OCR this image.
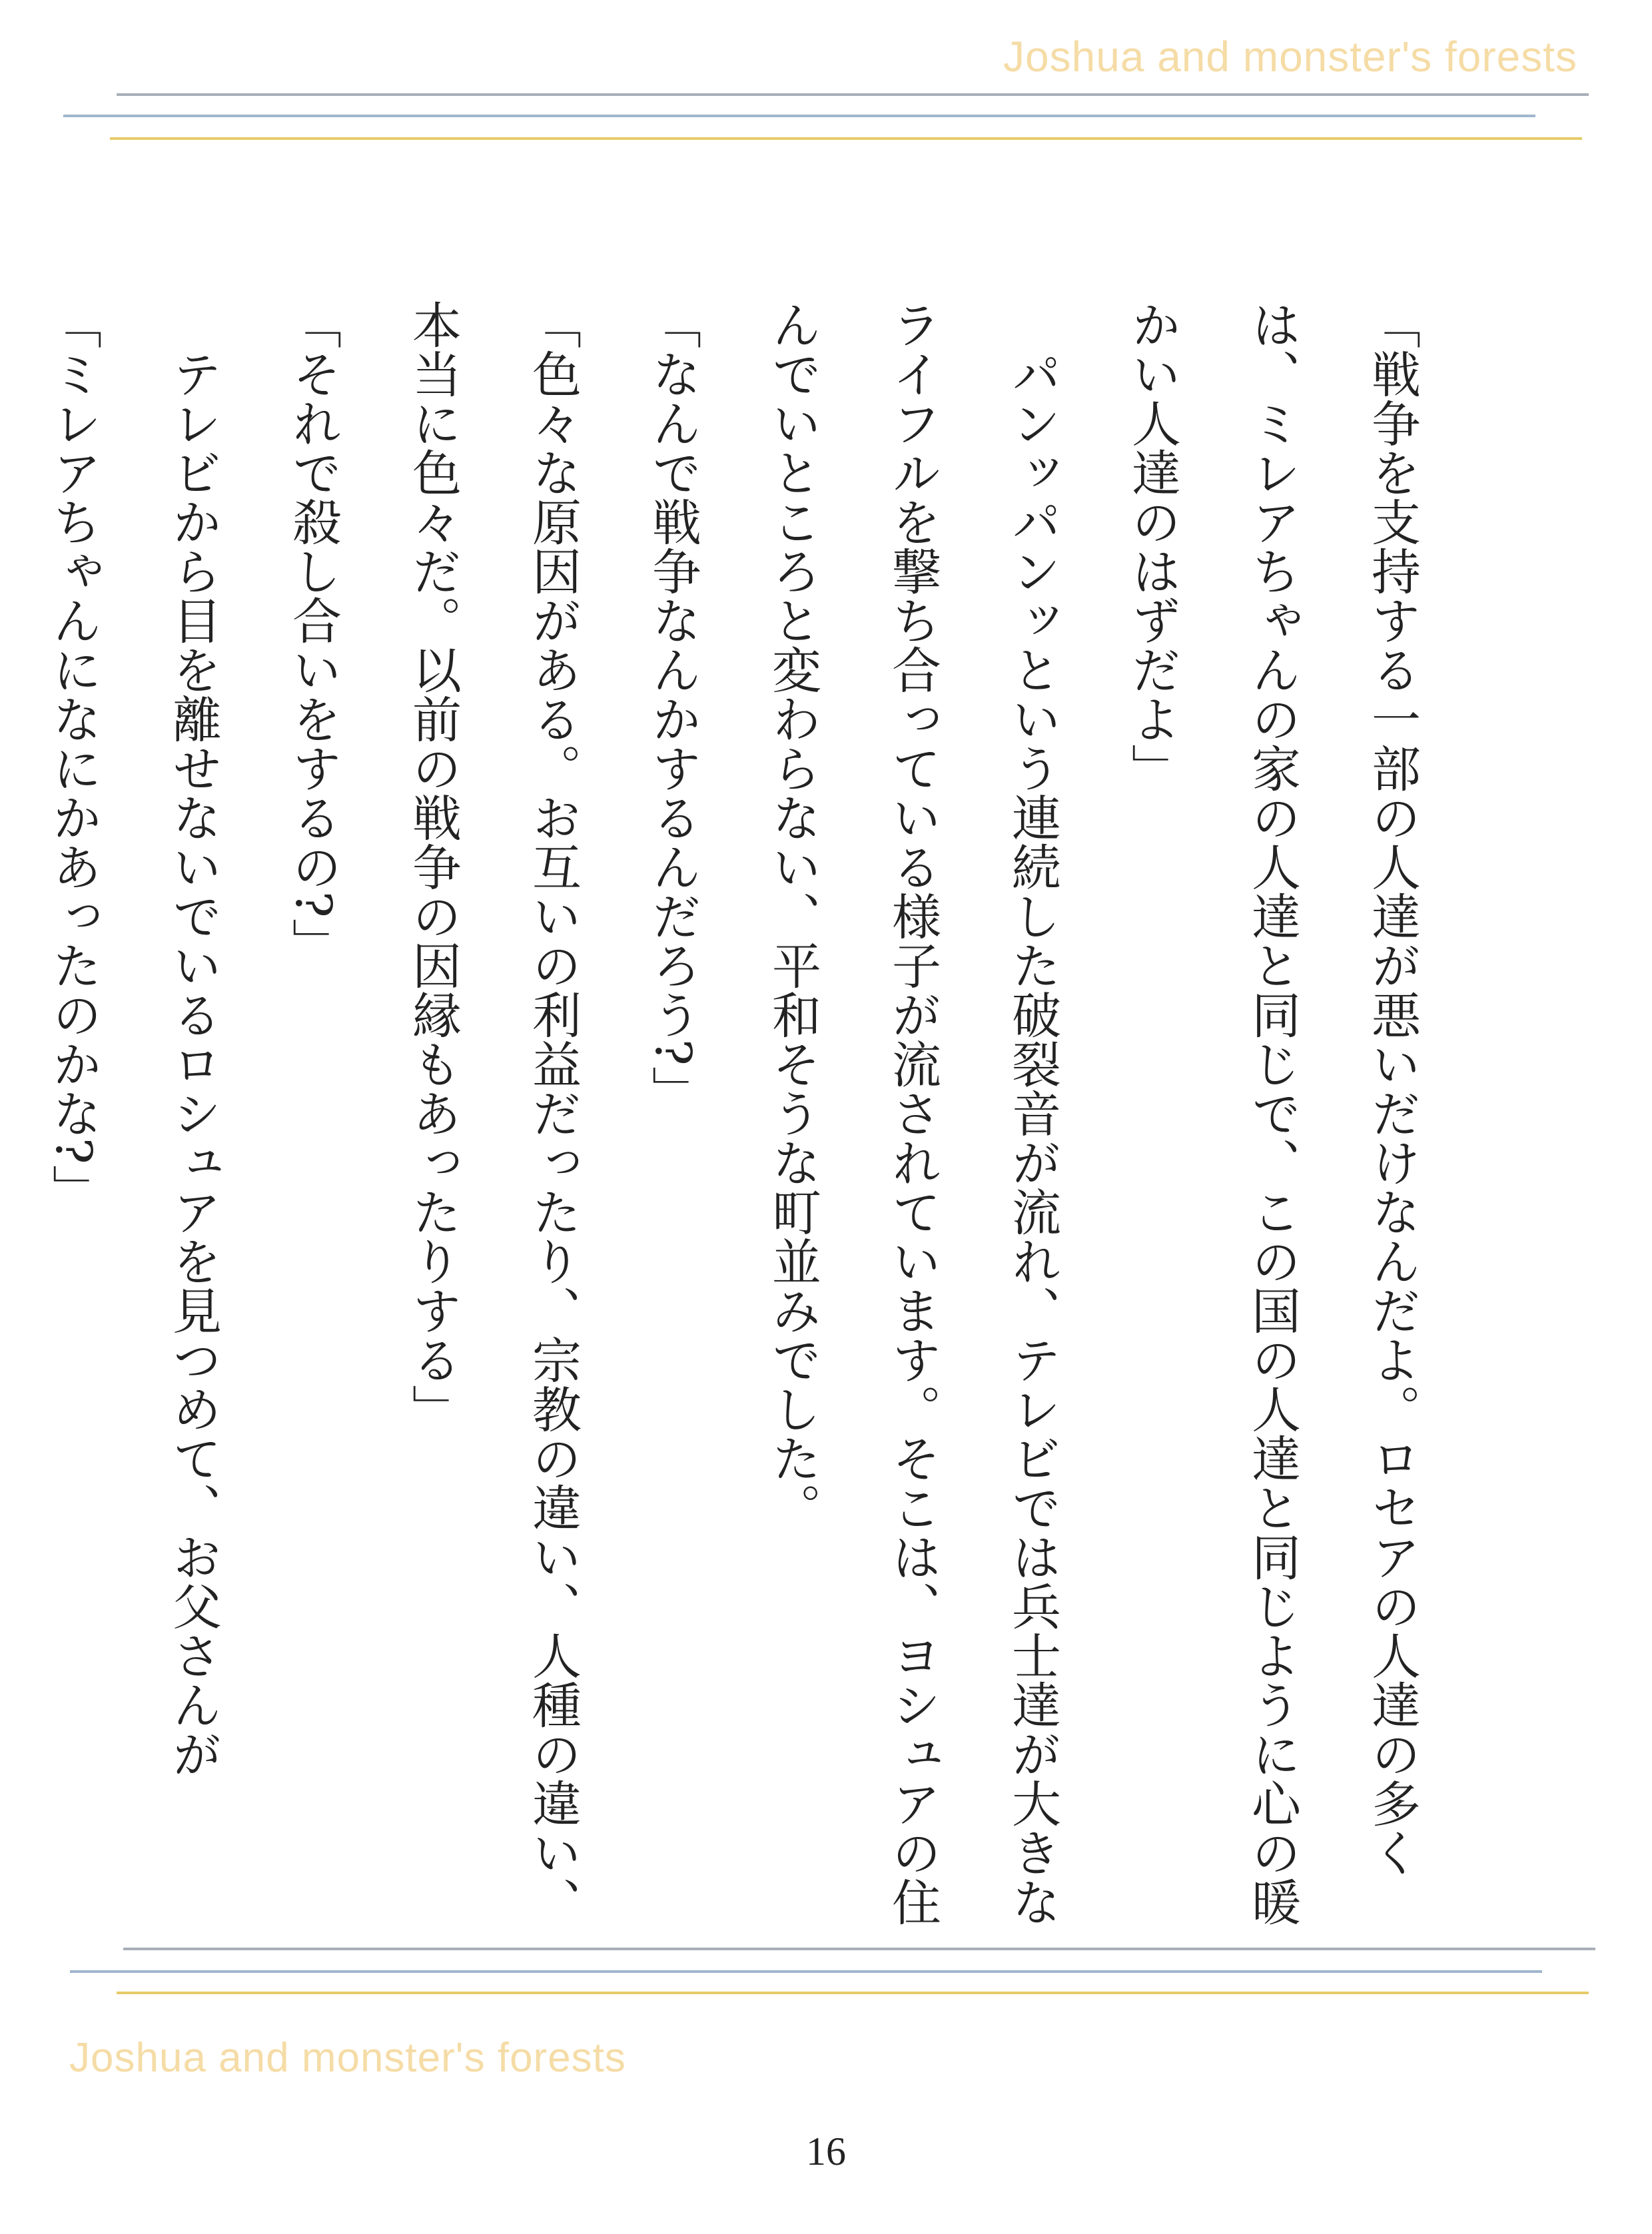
Joshua and monster's forests

「戦争を支持する一部の人達が悪いだけなんだよ。ロセアの人達の多くは、ミレアちゃんの家の人達と同じで、この国の人達と同じように心の暖かい人達のはずだよ」

　パンッパンッという連続した破裂音が流れ、テレビでは兵士達が大きなライフルを撃ち合っている様子が流されています。そこは、ヨシュアの住んでいところと変わらない、平和そうな町並みでした。

「なんで戦争なんかするんだろう?」

「色々な原因がある。お互いの利益だったり、宗教の違い、人種の違い、本当に色々だ。以前の戦争の因縁もあったりする」

「それで殺し合いをするの?」

　テレビから目を離せないでいるロシュアを見つめて、お父さんが

「ミレアちゃんになにかあったのかな?」

Joshua and monster's forests
16
